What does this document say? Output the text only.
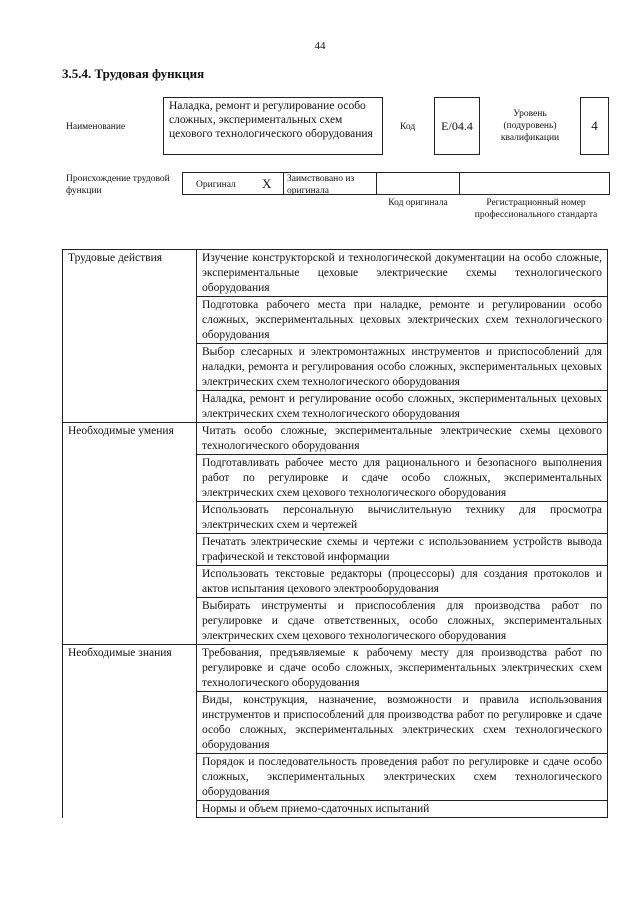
44
3.5.4. Трудовая функция
Наименование
Наладка, ремонт и регулирование особо сложных, экспериментальных схем цехового технологического оборудования
Код	E/04.4
Уровень (подуровень) квалификации
4
Происхождение трудовой функции
Оригинал X Заимствовано из оригинала
Код оригинала	Регистрационный номер профессионального стандарта
Трудовые действия	Изучение конструкторской и технологической документации на особо сложные, экспериментальные цеховые электрические схемы технологического оборудования
	Подготовка рабочего места при наладке, ремонте и регулировании особо сложных, экспериментальных цеховых электрических схем технологического оборудования
	Выбор слесарных и электромонтажных инструментов и приспособлений для наладки, ремонта и регулирования особо сложных, экспериментальных цеховых электрических схем технологического оборудования
	Наладка, ремонт и регулирование особо сложных, экспериментальных цеховых электрических схем технологического оборудования
Необходимые умения	Читать особо сложные, экспериментальные электрические схемы цехового технологического оборудования
	Подготавливать рабочее место для рационального и безопасного выполнения работ по регулировке и сдаче особо сложных, экспериментальных электрических схем цехового технологического оборудования
	Использовать персональную вычислительную технику для просмотра электрических схем и чертежей
	Печатать электрические схемы и чертежи с использованием устройств вывода графической и текстовой информации
	Использовать текстовые редакторы (процессоры) для создания протоколов и актов испытания цехового электрооборудования
	Выбирать инструменты и приспособления для производства работ по регулировке и сдаче ответственных, особо сложных, экспериментальных электрических схем цехового технологического оборудования
Необходимые знания	Требования, предъявляемые к рабочему месту для производства работ по регулировке и сдаче особо сложных, экспериментальных электрических схем технологического оборудования
	Виды, конструкция, назначение, возможности и правила использования инструментов и приспособлений для производства работ по регулировке и сдаче особо сложных, экспериментальных электрических схем технологического оборудования
	Порядок и последовательность проведения работ по регулировке и сдаче особо сложных, экспериментальных электрических схем технологического оборудования
	Нормы и объем приемо-сдаточных испытаний
